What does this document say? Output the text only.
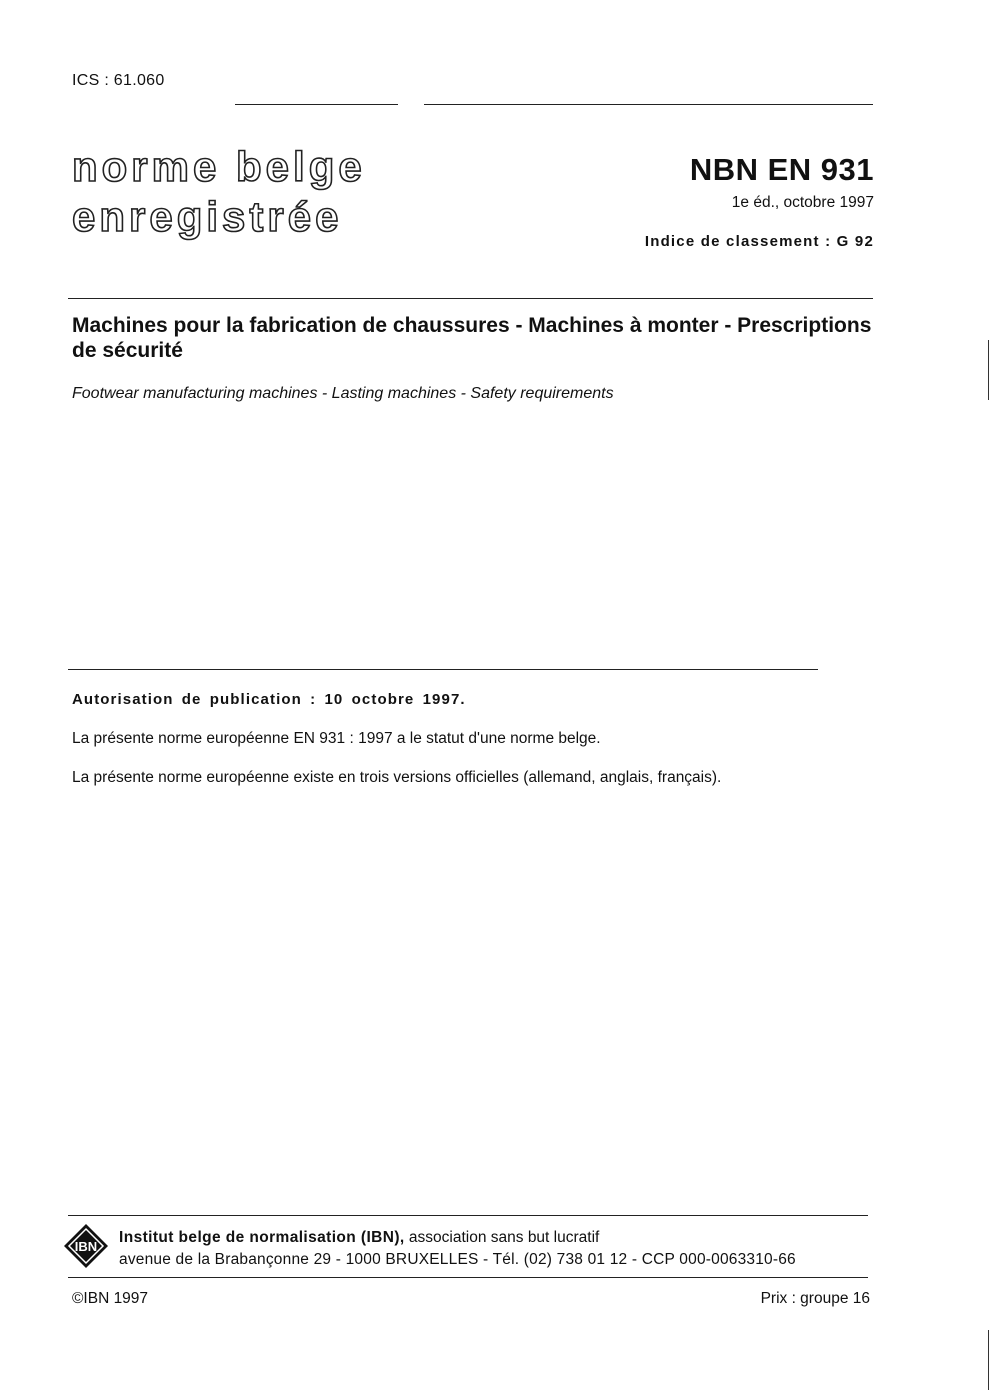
ICS : 61.060
norme belge
enregistrée
NBN EN 931
1e éd., octobre 1997
Indice de classement : G 92
Machines pour la fabrication de chaussures - Machines à monter - Prescriptions de sécurité
Footwear manufacturing machines - Lasting machines - Safety requirements
Autorisation de publication : 10 octobre 1997.
La présente norme européenne EN 931 : 1997 a le statut d'une norme belge.
La présente norme européenne existe en trois versions officielles (allemand, anglais, français).
IBN
Institut belge de normalisation (IBN), association sans but lucratif
avenue de la Brabançonne 29 - 1000 BRUXELLES - Tél. (02) 738 01 12 - CCP 000-0063310-66
©IBN 1997	Prix : groupe 16
